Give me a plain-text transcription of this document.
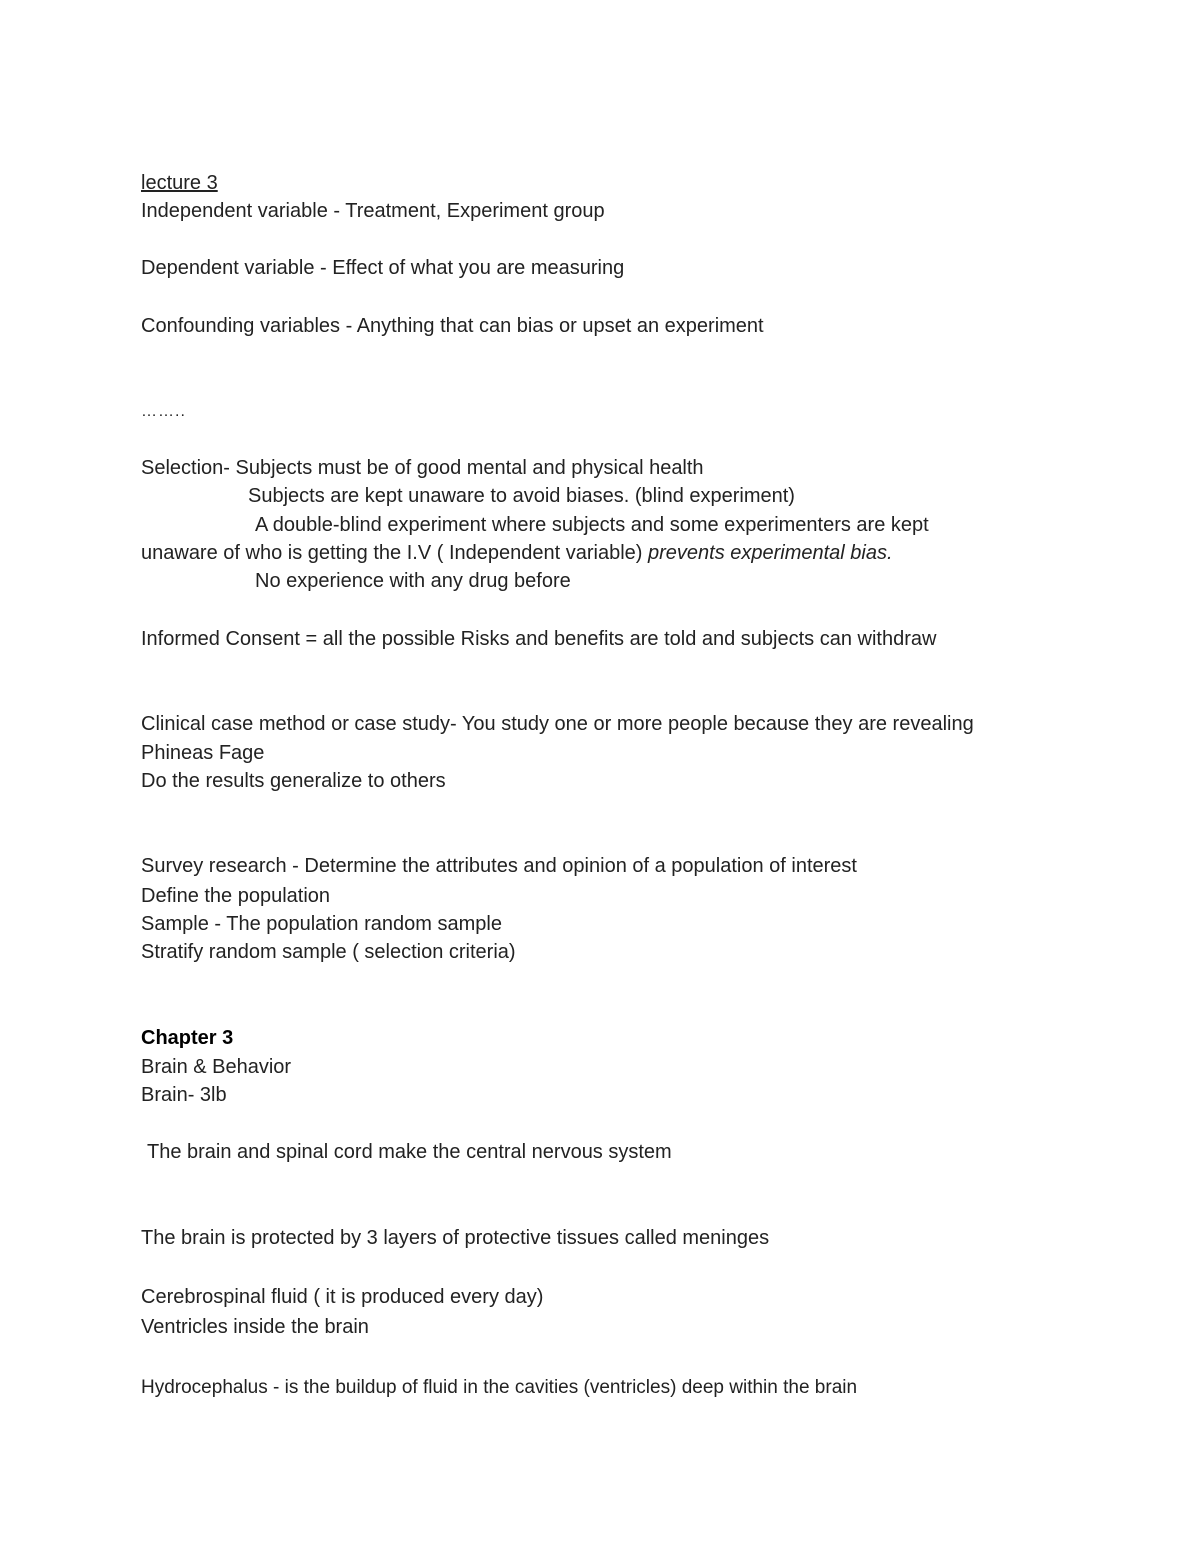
lecture 3
Independent variable - Treatment, Experiment group
Dependent variable - Effect of what you are measuring
Confounding variables - Anything that can bias or upset an experiment
……..
Selection- Subjects must be of good mental and physical health
Subjects are kept unaware to avoid biases. (blind experiment)
A double-blind experiment where subjects and some experimenters are kept
unaware of who is getting the I.V ( Independent variable) prevents experimental bias.
No experience with any drug before
Informed Consent = all the possible Risks and benefits are told and subjects can withdraw
Clinical case method or case study- You study one or more people because they are revealing
Phineas Fage
Do the results generalize to others
Survey research - Determine the attributes and opinion of a population of interest
Define the population
Sample - The population random sample
Stratify random sample ( selection criteria)
Chapter 3
Brain & Behavior
Brain- 3lb
The brain and spinal cord make the central nervous system
The brain is protected by 3 layers of protective tissues called meninges
Cerebrospinal fluid ( it is produced every day)
Ventricles inside the brain
Hydrocephalus - is the buildup of fluid in the cavities (ventricles) deep within the brain
